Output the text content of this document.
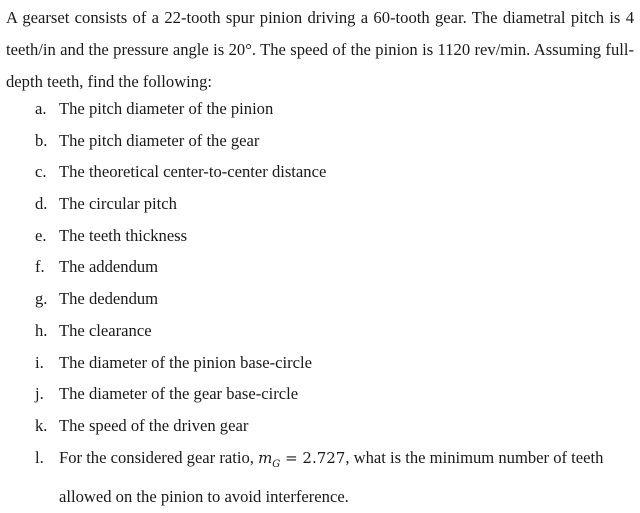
A gearset consists of a 22-tooth spur pinion driving a 60-tooth gear. The diametral pitch is 4 teeth/in and the pressure angle is 20°. The speed of the pinion is 1120 rev/min. Assuming full-depth teeth, find the following:

a. The pitch diameter of the pinion
b. The pitch diameter of the gear
c. The theoretical center-to-center distance
d. The circular pitch
e. The teeth thickness
f. The addendum
g. The dedendum
h. The clearance
i. The diameter of the pinion base-circle
j. The diameter of the gear base-circle
k. The speed of the driven gear
l. For the considered gear ratio, $m_G = 2.727$, what is the minimum number of teeth allowed on the pinion to avoid interference.
